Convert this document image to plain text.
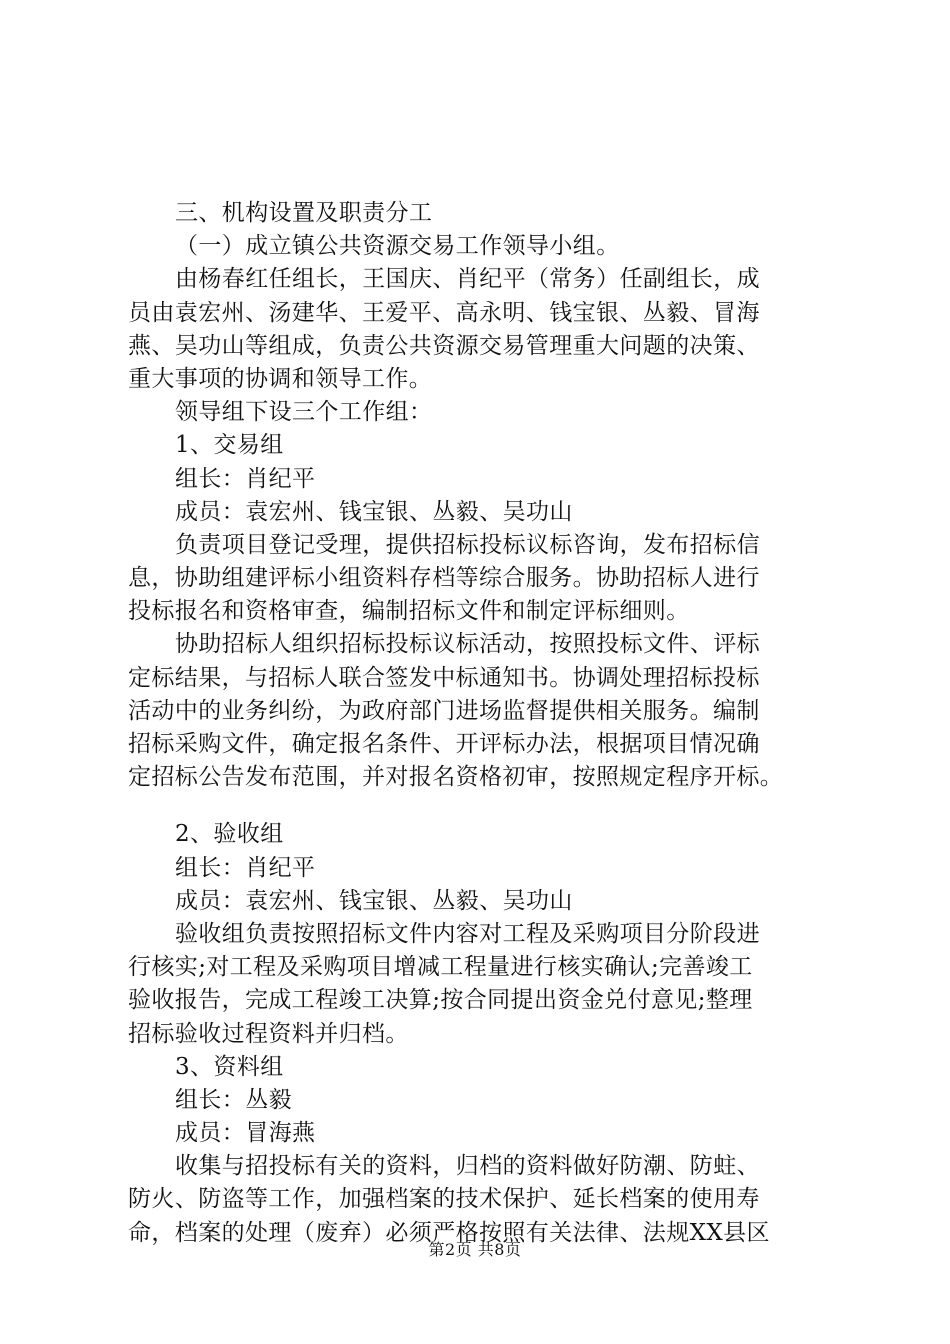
三、机构设置及职责分工
（一）成立镇公共资源交易工作领导小组。
由杨春红任组长，王国庆、肖纪平（常务）任副组长，成
员由袁宏州、汤建华、王爱平、高永明、钱宝银、丛毅、冒海
燕、吴功山等组成，负责公共资源交易管理重大问题的决策、
重大事项的协调和领导工作。
领导组下设三个工作组：
1、交易组
组长：肖纪平
成员：袁宏州、钱宝银、丛毅、吴功山
负责项目登记受理，提供招标投标议标咨询，发布招标信
息，协助组建评标小组资料存档等综合服务。协助招标人进行
投标报名和资格审查，编制招标文件和制定评标细则。
协助招标人组织招标投标议标活动，按照投标文件、评标
定标结果，与招标人联合签发中标通知书。协调处理招标投标
活动中的业务纠纷，为政府部门进场监督提供相关服务。编制
招标采购文件，确定报名条件、开评标办法，根据项目情况确
定招标公告发布范围，并对报名资格初审，按照规定程序开标。
2、验收组
组长：肖纪平
成员：袁宏州、钱宝银、丛毅、吴功山
验收组负责按照招标文件内容对工程及采购项目分阶段进
行核实;对工程及采购项目增减工程量进行核实确认;完善竣工
验收报告，完成工程竣工决算;按合同提出资金兑付意见;整理
招标验收过程资料并归档。
3、资料组
组长：丛毅
成员：冒海燕
收集与招投标有关的资料，归档的资料做好防潮、防蛀、
防火、防盗等工作，加强档案的技术保护、延长档案的使用寿
命，档案的处理（废弃）必须严格按照有关法律、法规XX县区
第2页 共8页
